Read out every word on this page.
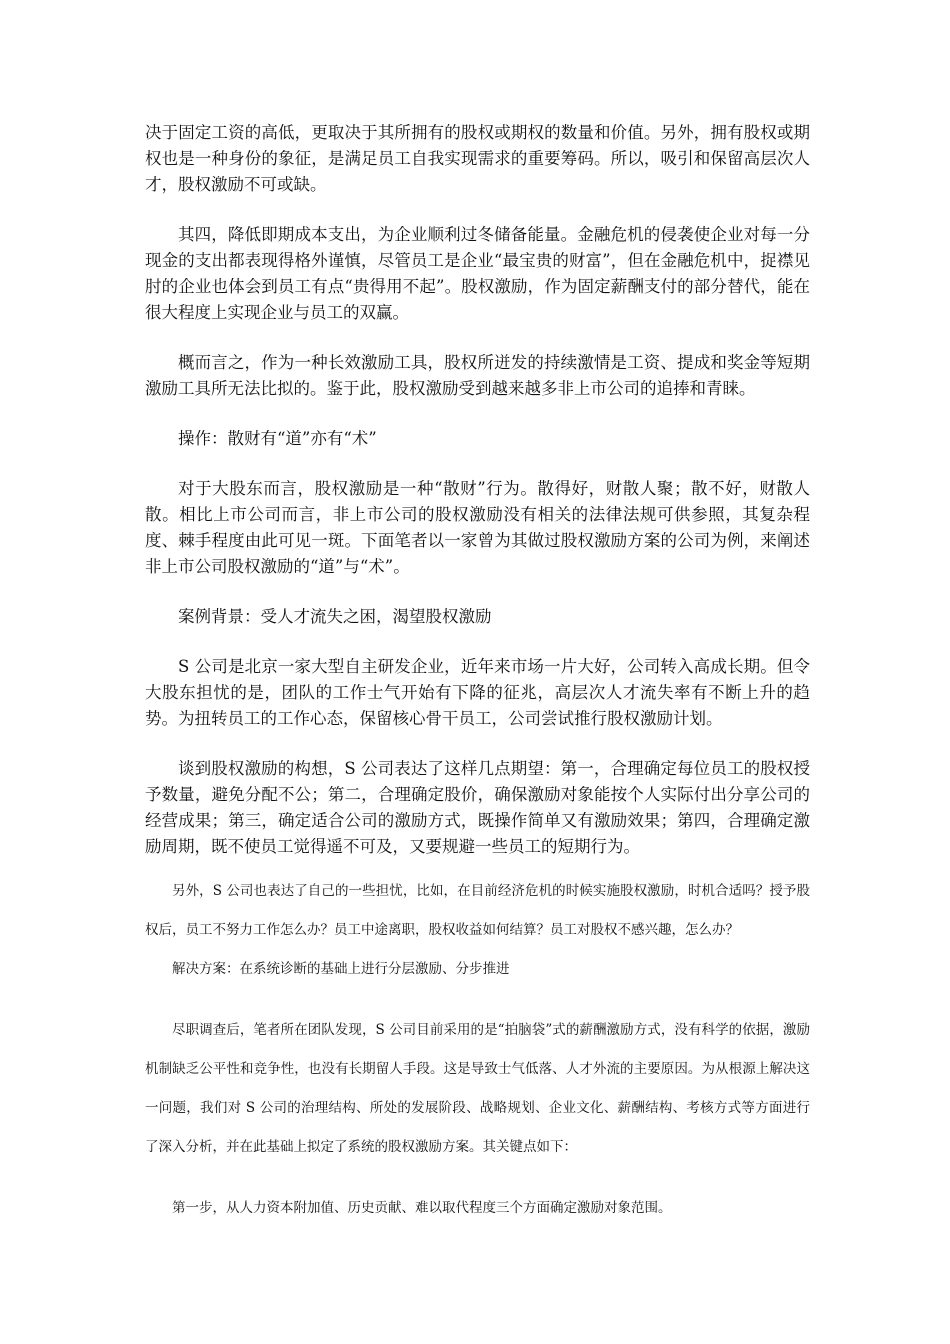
决于固定工资的高低，更取决于其所拥有的股权或期权的数量和价值。另外，拥有股权或期权也是一种身份的象征，是满足员工自我实现需求的重要筹码。所以，吸引和保留高层次人才，股权激励不可或缺。

其四，降低即期成本支出，为企业顺利过冬储备能量。金融危机的侵袭使企业对每一分现金的支出都表现得格外谨慎，尽管员工是企业“最宝贵的财富”，但在金融危机中，捉襟见肘的企业也体会到员工有点“贵得用不起”。股权激励，作为固定薪酬支付的部分替代，能在很大程度上实现企业与员工的双赢。

概而言之，作为一种长效激励工具，股权所迸发的持续激情是工资、提成和奖金等短期激励工具所无法比拟的。鉴于此，股权激励受到越来越多非上市公司的追捧和青睐。

操作：散财有“道”亦有“术”

对于大股东而言，股权激励是一种“散财”行为。散得好，财散人聚；散不好，财散人散。相比上市公司而言，非上市公司的股权激励没有相关的法律法规可供参照，其复杂程度、棘手程度由此可见一斑。下面笔者以一家曾为其做过股权激励方案的公司为例，来阐述非上市公司股权激励的“道”与“术”。

案例背景：受人才流失之困，渴望股权激励

S 公司是北京一家大型自主研发企业，近年来市场一片大好，公司转入高成长期。但令大股东担忧的是，团队的工作士气开始有下降的征兆，高层次人才流失率有不断上升的趋势。为扭转员工的工作心态，保留核心骨干员工，公司尝试推行股权激励计划。

谈到股权激励的构想，S 公司表达了这样几点期望：第一，合理确定每位员工的股权授予数量，避免分配不公；第二，合理确定股价，确保激励对象能按个人实际付出分享公司的经营成果；第三，确定适合公司的激励方式，既操作简单又有激励效果；第四，合理确定激励周期，既不使员工觉得遥不可及，又要规避一些员工的短期行为。

另外，S 公司也表达了自己的一些担忧，比如，在目前经济危机的时候实施股权激励，时机合适吗？授予股权后，员工不努力工作怎么办？员工中途离职，股权收益如何结算？员工对股权不感兴趣，怎么办？

解决方案：在系统诊断的基础上进行分层激励、分步推进

尽职调查后，笔者所在团队发现，S 公司目前采用的是“拍脑袋”式的薪酬激励方式，没有科学的依据，激励机制缺乏公平性和竞争性，也没有长期留人手段。这是导致士气低落、人才外流的主要原因。为从根源上解决这一问题，我们对 S 公司的治理结构、所处的发展阶段、战略规划、企业文化、薪酬结构、考核方式等方面进行了深入分析，并在此基础上拟定了系统的股权激励方案。其关键点如下：

第一步，从人力资本附加值、历史贡献、难以取代程度三个方面确定激励对象范围。
